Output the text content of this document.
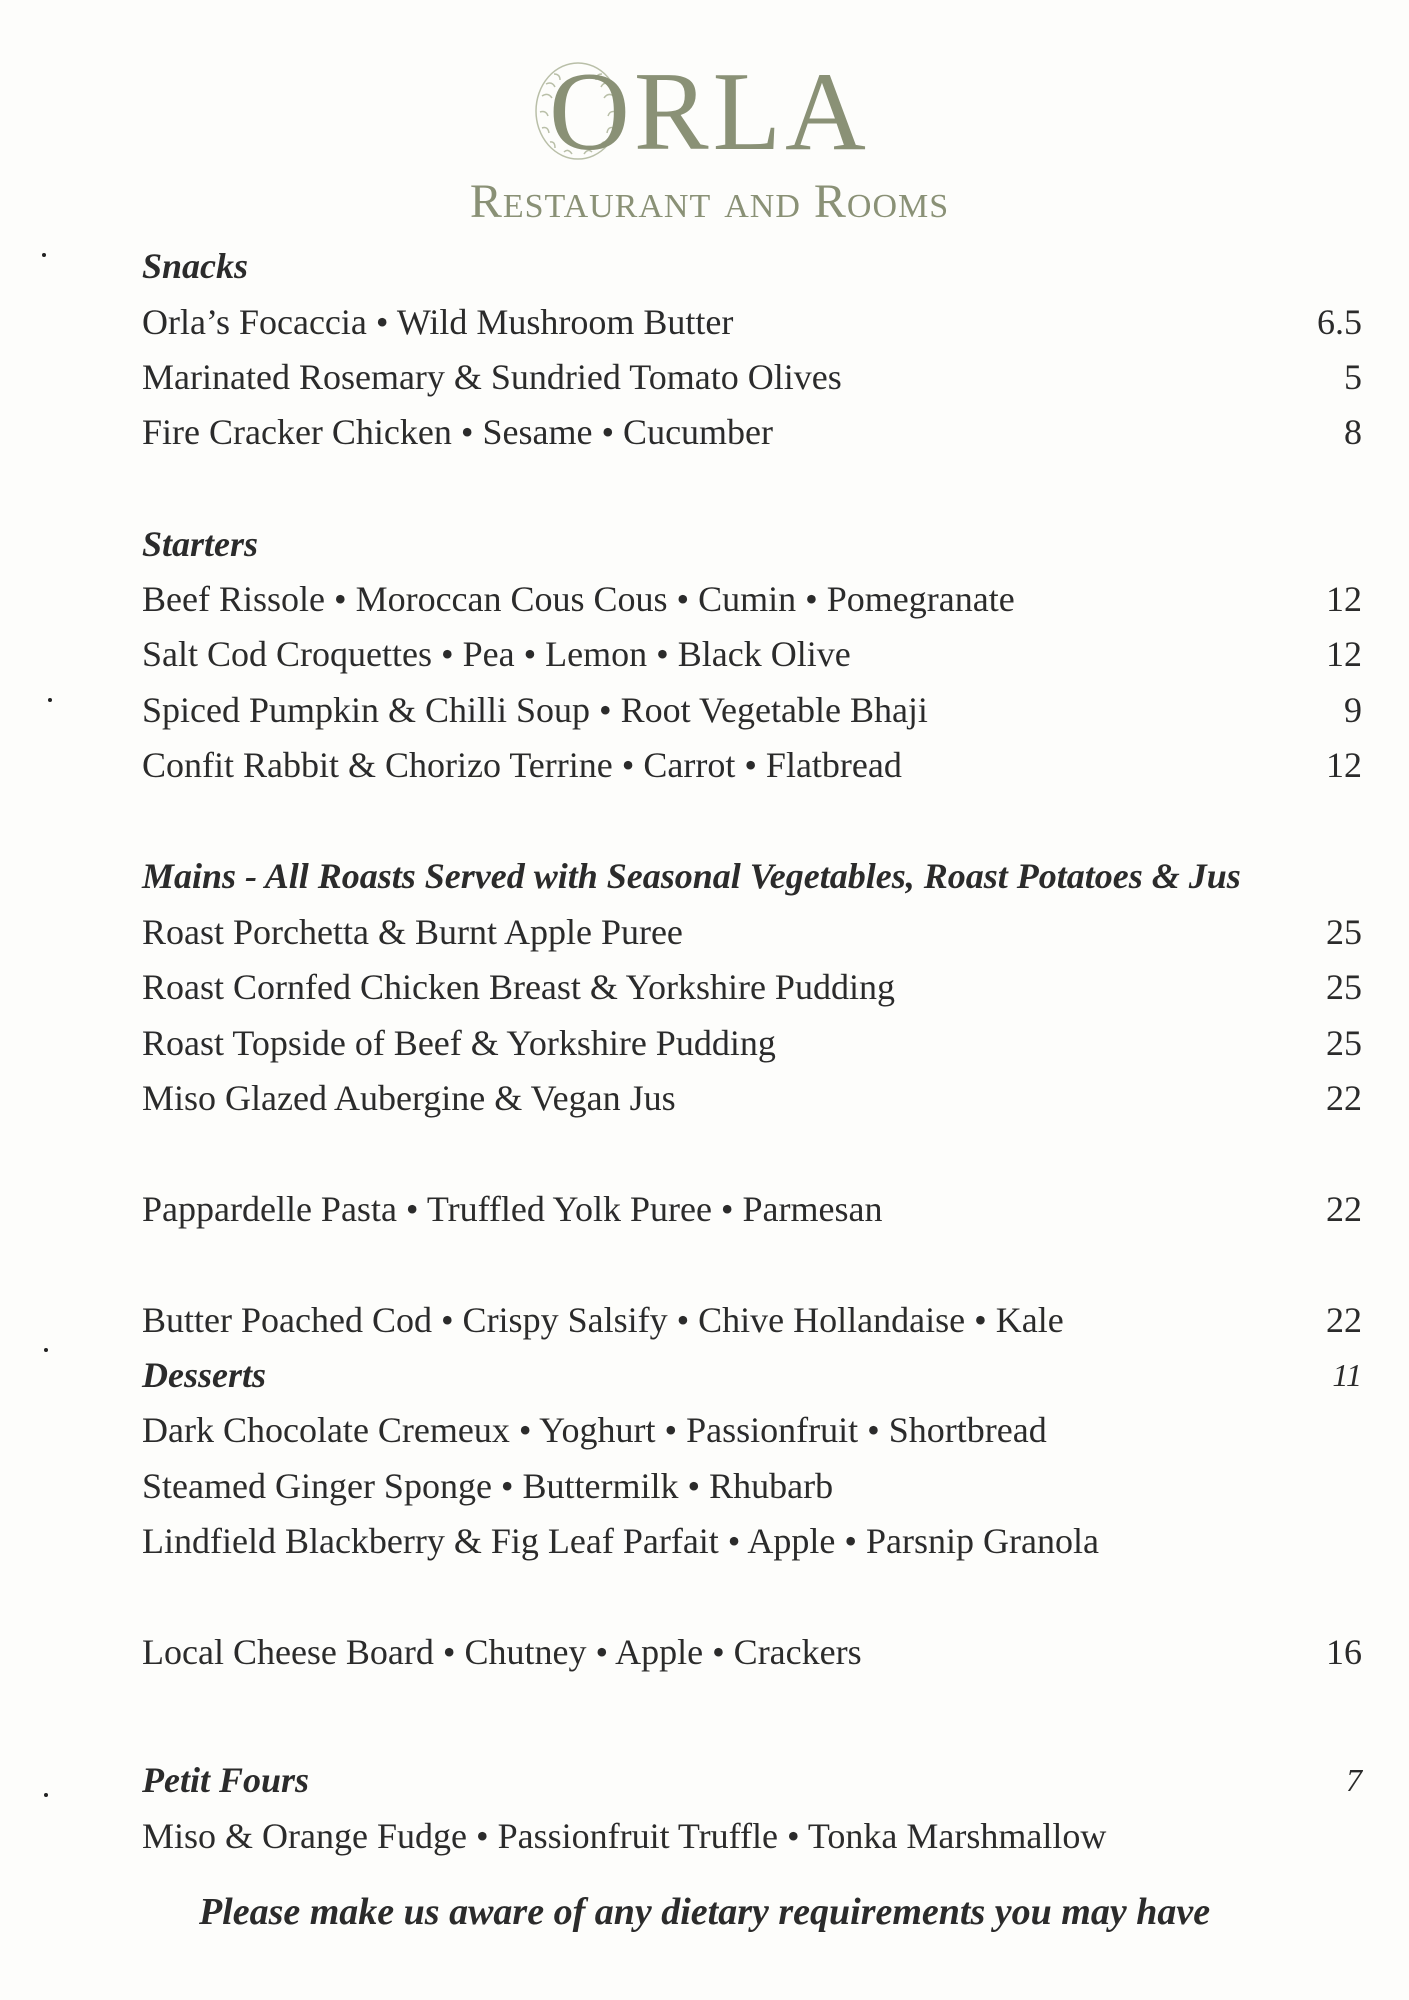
ORLA
Restaurant and Rooms
Snacks
Orla’s Focaccia • Wild Mushroom Butter	6.5
Marinated Rosemary & Sundried Tomato Olives	5
Fire Cracker Chicken • Sesame • Cucumber	8
Starters
Beef Rissole • Moroccan Cous Cous • Cumin • Pomegranate	12
Salt Cod Croquettes • Pea • Lemon • Black Olive	12
Spiced Pumpkin & Chilli Soup • Root Vegetable Bhaji	9
Confit Rabbit & Chorizo Terrine • Carrot • Flatbread	12
Mains - All Roasts Served with Seasonal Vegetables, Roast Potatoes & Jus
Roast Porchetta & Burnt Apple Puree	25
Roast Cornfed Chicken Breast & Yorkshire Pudding	25
Roast Topside of Beef & Yorkshire Pudding	25
Miso Glazed Aubergine & Vegan Jus	22
Pappardelle Pasta • Truffled Yolk Puree • Parmesan	22
Butter Poached Cod • Crispy Salsify • Chive Hollandaise • Kale	22
Desserts	11
Dark Chocolate Cremeux • Yoghurt • Passionfruit • Shortbread
Steamed Ginger Sponge • Buttermilk • Rhubarb
Lindfield Blackberry & Fig Leaf Parfait • Apple • Parsnip Granola
Local Cheese Board • Chutney • Apple • Crackers	16
Petit Fours	7
Miso & Orange Fudge • Passionfruit Truffle • Tonka Marshmallow
Please make us aware of any dietary requirements you may have
